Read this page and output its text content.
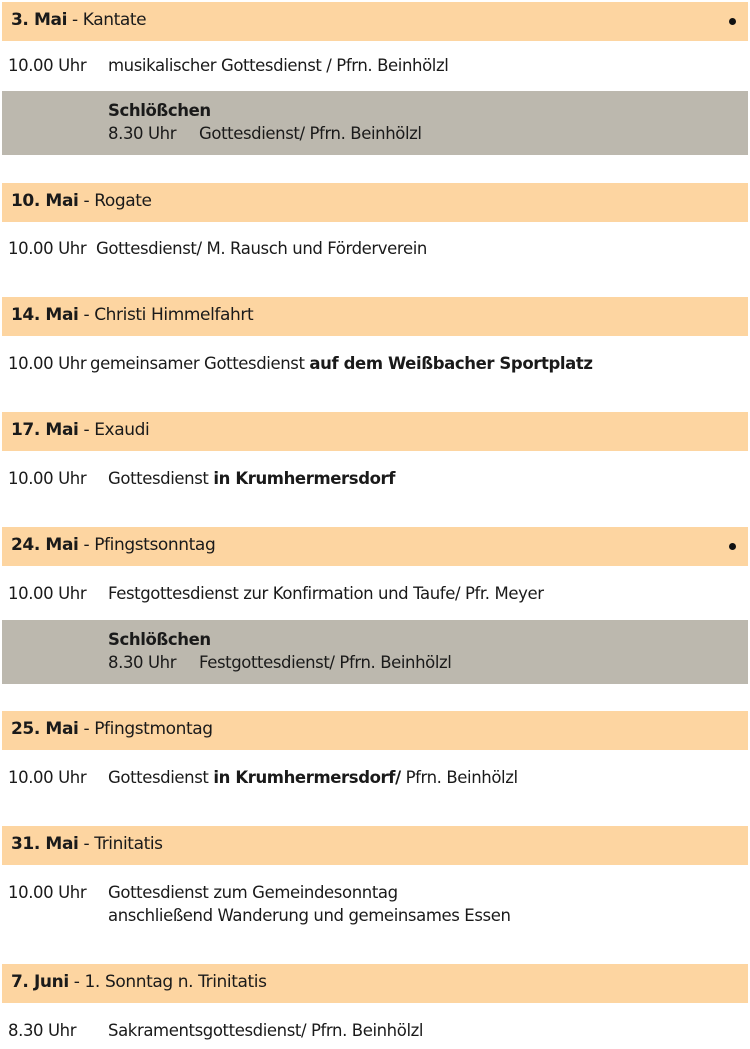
3. Mai - Kantate
10.00 Uhr musikalischer Gottesdienst / Pfrn. Beinhölzl
Schlößchen
8.30 Uhr Gottesdienst/ Pfrn. Beinhölzl
10. Mai - Rogate
10.00 Uhr Gottesdienst/ M. Rausch und Förderverein
14. Mai - Christi Himmelfahrt
10.00 Uhr gemeinsamer Gottesdienst auf dem Weißbacher Sportplatz
17. Mai - Exaudi
10.00 Uhr Gottesdienst in Krumhermersdorf
24. Mai - Pfingstsonntag
10.00 Uhr Festgottesdienst zur Konfirmation und Taufe/ Pfr. Meyer
Schlößchen
8.30 Uhr Festgottesdienst/ Pfrn. Beinhölzl
25. Mai - Pfingstmontag
10.00 Uhr Gottesdienst in Krumhermersdorf/ Pfrn. Beinhölzl
31. Mai - Trinitatis
10.00 Uhr Gottesdienst zum Gemeindesonntag
anschließend Wanderung und gemeinsames Essen
7. Juni - 1. Sonntag n. Trinitatis
8.30 Uhr Sakramentsgottesdienst/ Pfrn. Beinhölzl
